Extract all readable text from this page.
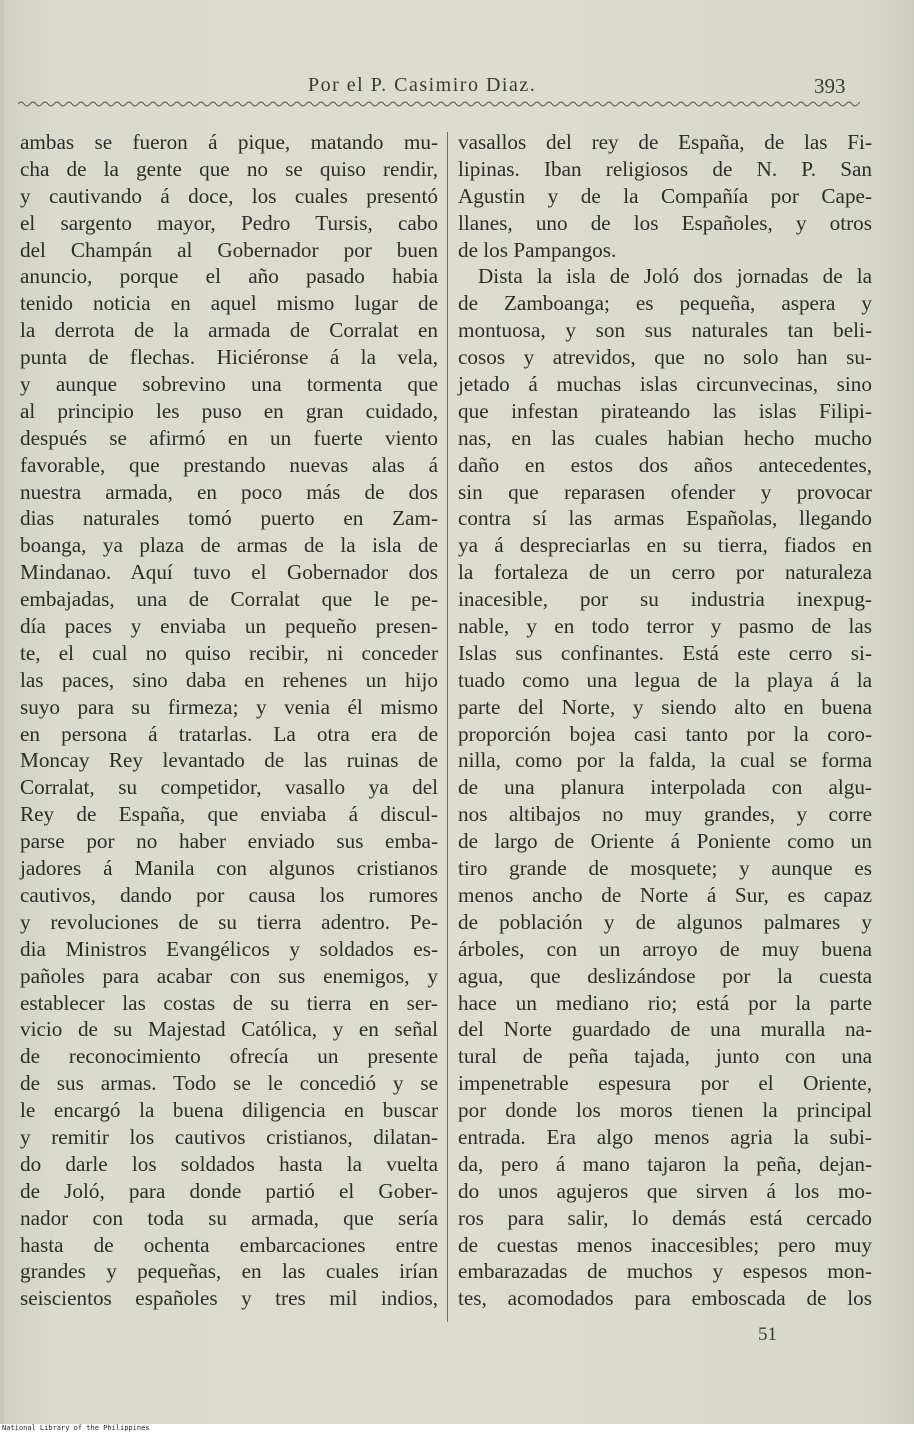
Por el P. Casimiro Diaz.	393
ambas se fueron á pique, matando mu-
cha de la gente que no se quiso rendir,
y cautivando á doce, los cuales presentó
el sargento mayor, Pedro Tursis, cabo
del Champán al Gobernador por buen
anuncio, porque el año pasado habia
tenido noticia en aquel mismo lugar de
la derrota de la armada de Corralat en
punta de flechas. Hiciéronse á la vela,
y aunque sobrevino una tormenta que
al principio les puso en gran cuidado,
después se afirmó en un fuerte viento
favorable, que prestando nuevas alas á
nuestra armada, en poco más de dos
dias naturales tomó puerto en Zam-
boanga, ya plaza de armas de la isla de
Mindanao. Aquí tuvo el Gobernador dos
embajadas, una de Corralat que le pe-
día paces y enviaba un pequeño presen-
te, el cual no quiso recibir, ni conceder
las paces, sino daba en rehenes un hijo
suyo para su firmeza; y venia él mismo
en persona á tratarlas. La otra era de
Moncay Rey levantado de las ruinas de
Corralat, su competidor, vasallo ya del
Rey de España, que enviaba á discul-
parse por no haber enviado sus emba-
jadores á Manila con algunos cristianos
cautivos, dando por causa los rumores
y revoluciones de su tierra adentro. Pe-
dia Ministros Evangélicos y soldados es-
pañoles para acabar con sus enemigos, y
establecer las costas de su tierra en ser-
vicio de su Majestad Católica, y en señal
de reconocimiento ofrecía un presente
de sus armas. Todo se le concedió y se
le encargó la buena diligencia en buscar
y remitir los cautivos cristianos, dilatan-
do darle los soldados hasta la vuelta
de Joló, para donde partió el Gober-
nador con toda su armada, que sería
hasta de ochenta embarcaciones entre
grandes y pequeñas, en las cuales irían
seiscientos españoles y tres mil indios,
vasallos del rey de España, de las Fi-
lipinas. Iban religiosos de N. P. San
Agustin y de la Compañía por Cape-
llanes, uno de los Españoles, y otros
de los Pampangos.
Dista la isla de Joló dos jornadas de la
de Zamboanga; es pequeña, aspera y
montuosa, y son sus naturales tan beli-
cosos y atrevidos, que no solo han su-
jetado á muchas islas circunvecinas, sino
que infestan pirateando las islas Filipi-
nas, en las cuales habian hecho mucho
daño en estos dos años antecedentes,
sin que reparasen ofender y provocar
contra sí las armas Españolas, llegando
ya á despreciarlas en su tierra, fiados en
la fortaleza de un cerro por naturaleza
inacesible, por su industria inexpug-
nable, y en todo terror y pasmo de las
Islas sus confinantes. Está este cerro si-
tuado como una legua de la playa á la
parte del Norte, y siendo alto en buena
proporción bojea casi tanto por la coro-
nilla, como por la falda, la cual se forma
de una planura interpolada con algu-
nos altibajos no muy grandes, y corre
de largo de Oriente á Poniente como un
tiro grande de mosquete; y aunque es
menos ancho de Norte á Sur, es capaz
de población y de algunos palmares y
árboles, con un arroyo de muy buena
agua, que deslizándose por la cuesta
hace un mediano rio; está por la parte
del Norte guardado de una muralla na-
tural de peña tajada, junto con una
impenetrable espesura por el Oriente,
por donde los moros tienen la principal
entrada. Era algo menos agria la subi-
da, pero á mano tajaron la peña, dejan-
do unos agujeros que sirven á los mo-
ros para salir, lo demás está cercado
de cuestas menos inaccesibles; pero muy
embarazadas de muchos y espesos mon-
tes, acomodados para emboscada de los
51
National Library of the Philippines
